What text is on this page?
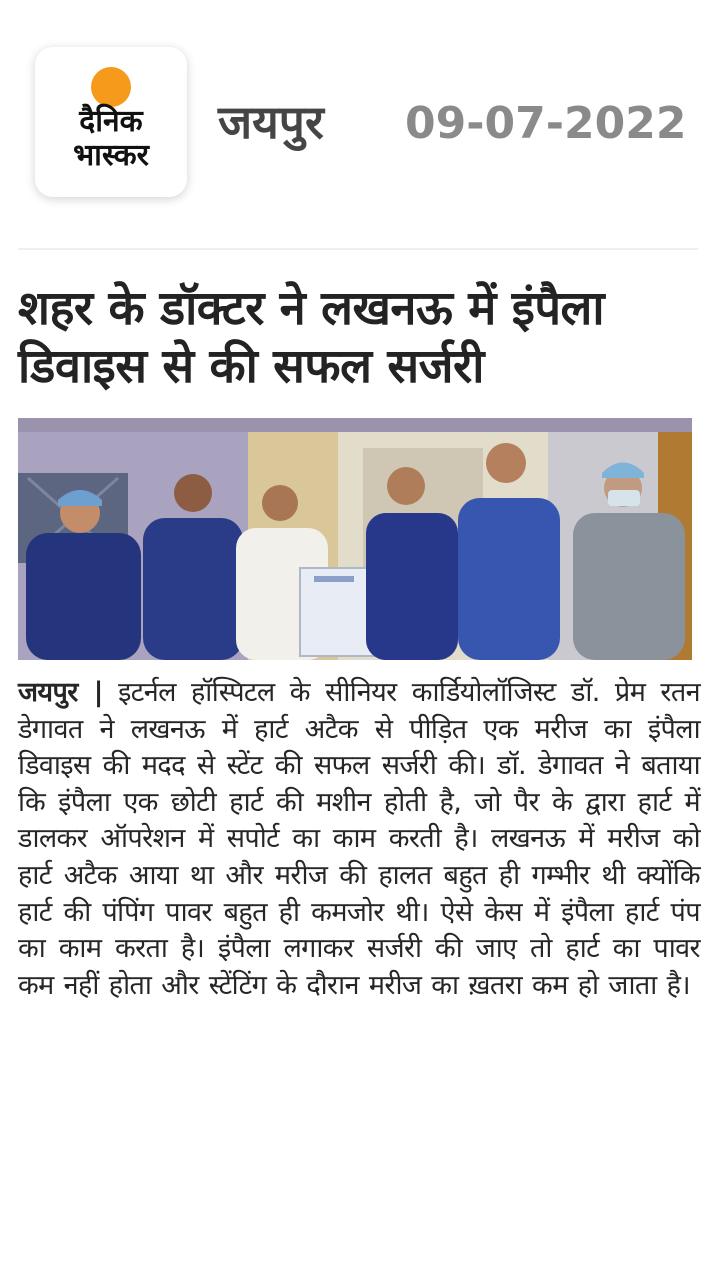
दैनिक
भास्कर
जयपुर 09-07-2022
शहर के डॉक्टर ने लखनऊ में इंपैला डिवाइस से की सफल सर्जरी

जयपुर | इटर्नल हॉस्पिटल के सीनियर कार्डियोलॉजिस्ट डॉ. प्रेम रतन डेगावत ने लखनऊ में हार्ट अटैक से पीड़ित एक मरीज का इंपैला डिवाइस की मदद से स्टेंट की सफल सर्जरी की। डॉ. डेगावत ने बताया कि इंपैला एक छोटी हार्ट की मशीन होती है, जो पैर के द्वारा हार्ट में डालकर ऑपरेशन में सपोर्ट का काम करती है। लखनऊ में मरीज को हार्ट अटैक आया था और मरीज की हालत बहुत ही गम्भीर थी क्योंकि हार्ट की पंपिंग पावर बहुत ही कमजोर थी। ऐसे केस में इंपैला हार्ट पंप का काम करता है। इंपैला लगाकर सर्जरी की जाए तो हार्ट का पावर कम नहीं होता और स्टेंटिंग के दौरान मरीज का ख़तरा कम हो जाता है।
